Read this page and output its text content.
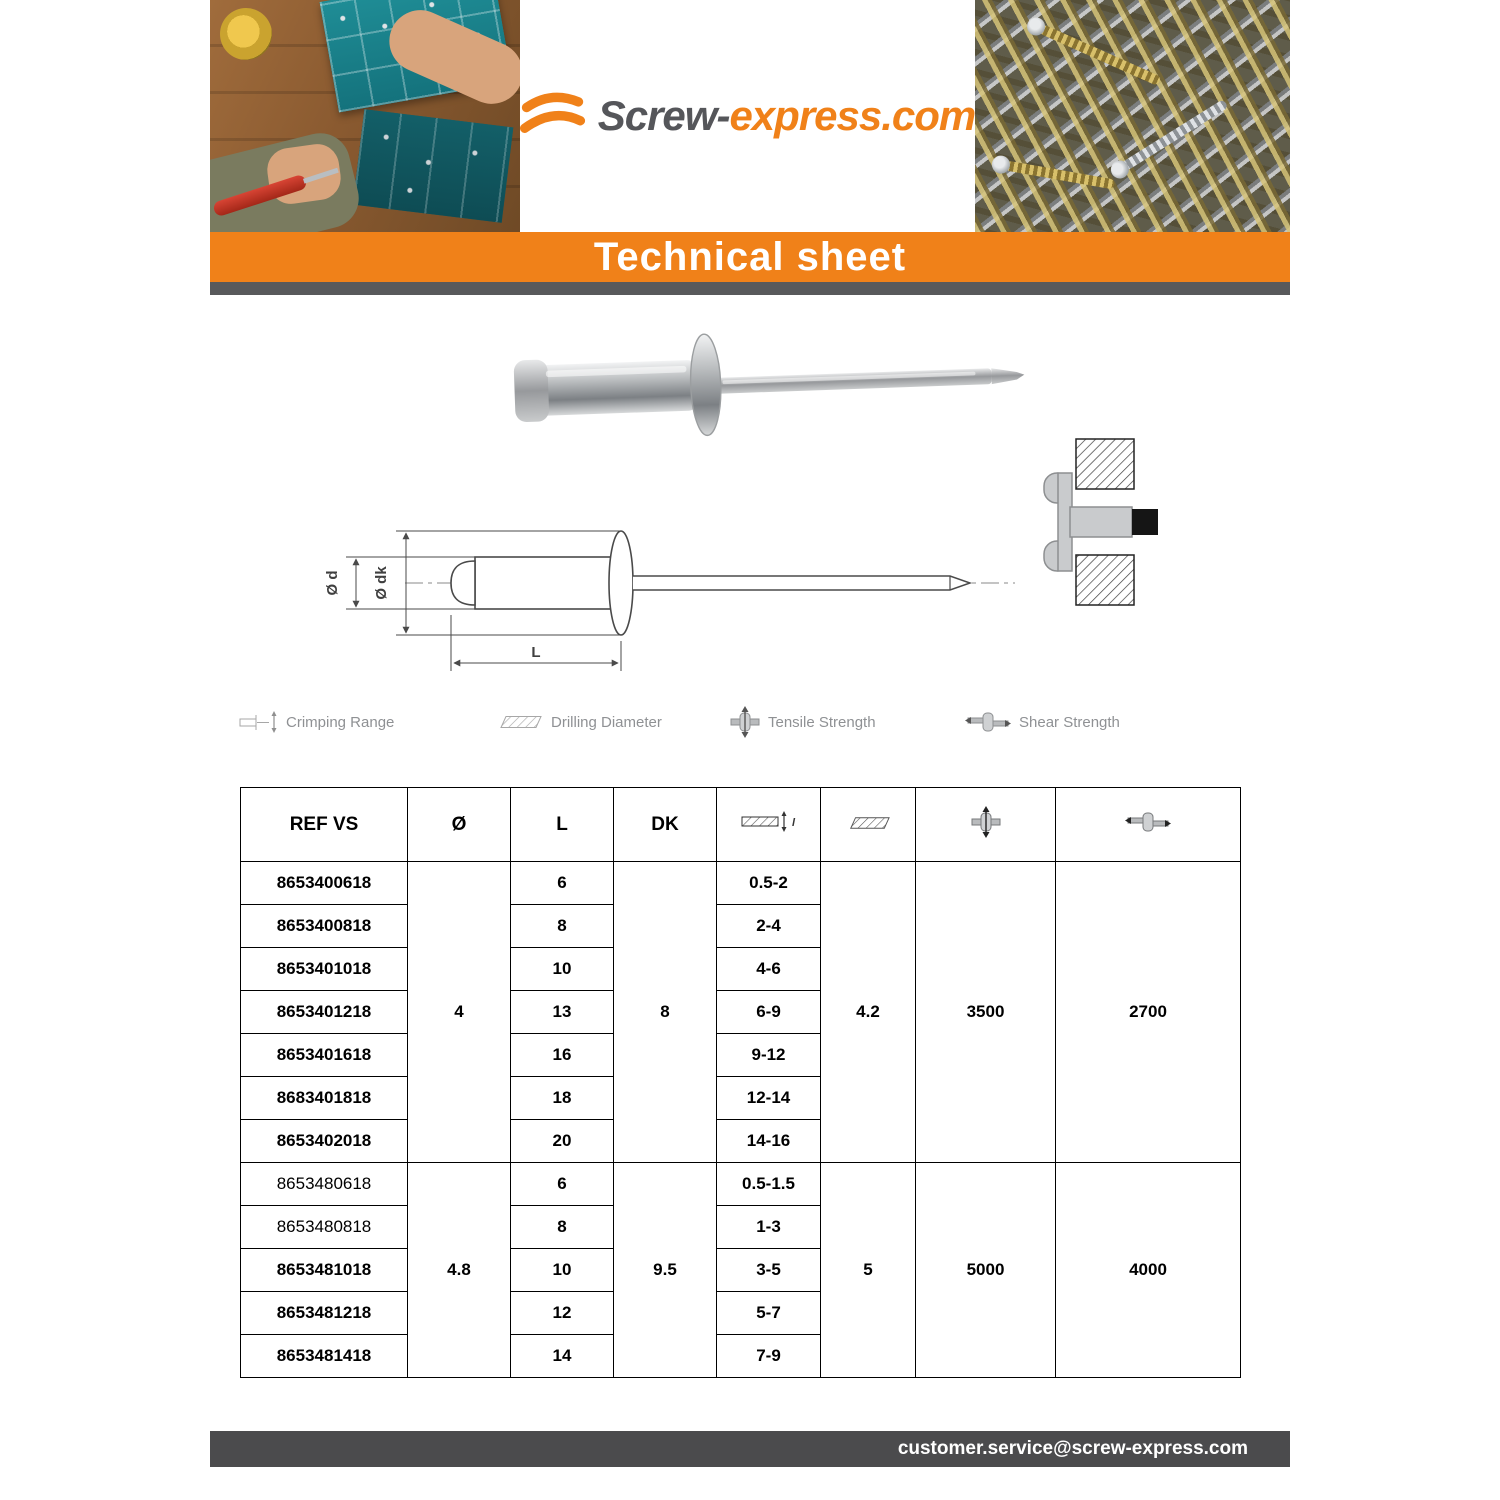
Screw-express.com
Technical sheet
Ø dk
Ø d
L
Crimping Range	Drilling Diameter	Tensile Strength	Shear Strength
REF VS	Ø	L	DK	l

8653400618	4	6	8	0.5-2	4.2	3500	2700
8653400818		8		2-4			
8653401018		10		4-6			
8653401218		13		6-9			
8653401618		16		9-12			
8683401818		18		12-14			
8653402018		20		14-16			
8653480618	4.8	6	9.5	0.5-1.5	5	5000	4000
8653480818		8		1-3			
8653481018		10		3-5			
8653481218		12		5-7			
8653481418		14		7-9			
customer.service@screw-express.com
